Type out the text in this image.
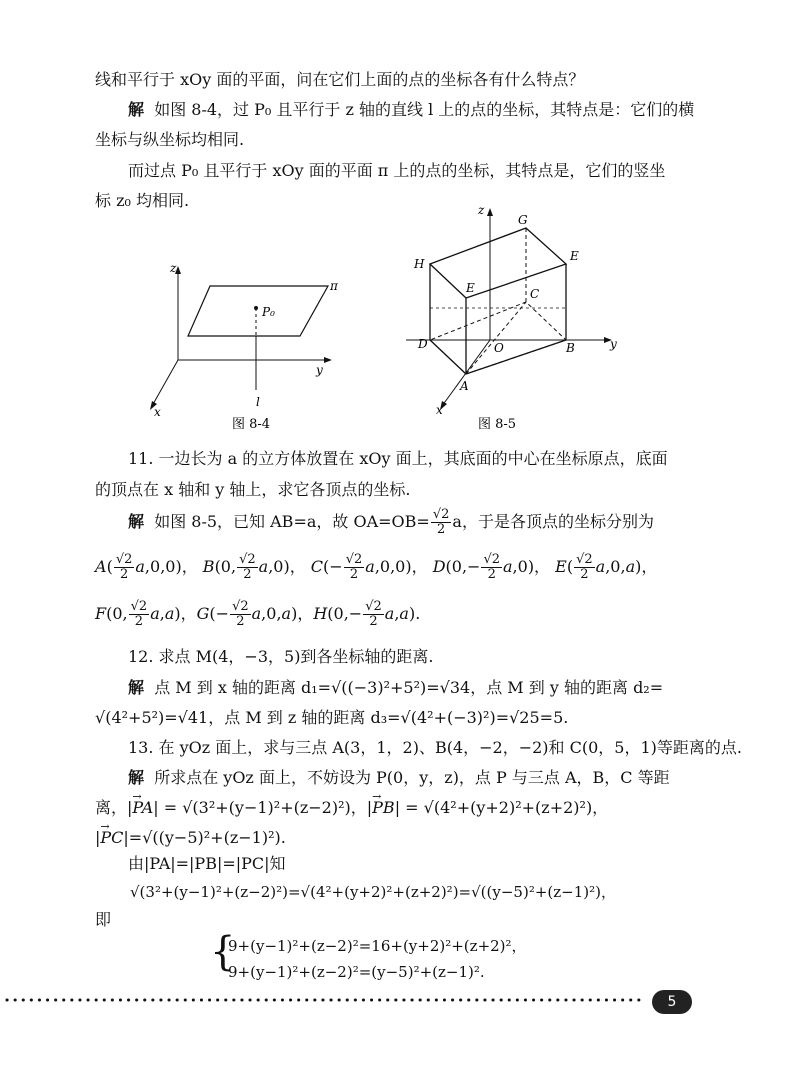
线和平行于 xOy 面的平面，问在它们上面的点的坐标各有什么特点？
解 如图 8-4，过 P₀ 且平行于 z 轴的直线 l 上的点的坐标，其特点是：它们的横
坐标与纵坐标均相同.
而过点 P₀ 且平行于 xOy 面的平面 π 上的点的坐标，其特点是，它们的竖坐
标 z₀ 均相同.
z
y
x
π
P₀
l
图 8-4
z
y
x
G
H
E
E	C
D	O	B
A
图 8-5
11. 一边长为 a 的立方体放置在 xOy 面上，其底面的中心在坐标原点，底面
的顶点在 x 轴和 y 轴上，求它各顶点的坐标.
解 如图 8-5，已知 AB=a，故 $OA=OB= \frac{√2}{2}$ a，于是各顶点的坐标分别为
$A( \frac{√2}{2} a,0,0)$， B(0, $\frac{√2}{2} a,0$)， $C(- \frac{√2}{2} a,0,0)$， $D(0,- \frac{√2}{2} a,0)$， $E( \frac{√2}{2} a,0,a)$，
F(0, $\frac{√2}{2} a,a$)，$G(- \frac{√2}{2} a,0,a)$，$H(0,- \frac{√2}{2} a,a)$.
12. 求点 M(4，−3，5)到各坐标轴的距离.
解 点 M 到 x 轴的距离 d₁=√((−3)²+5²)=√34，点 M 到 y 轴的距离 d₂=
√(4²+5²)=√41，点 M 到 z 轴的距离 d₃=√(4²+(−3)²)=√25=5.
13. 在 yOz 面上，求与三点 A(3，1，2)、B(4，−2，−2)和 C(0，5，1)等距离的点.
解 所求点在 yOz 面上，不妨设为 P(0，y，z)，点 P 与三点 A，B，C 等距
离，|→ PA| = √(3²+(y−1)²+(z−2)²)，|→ PB| = √(4²+(y+2)²+(z+2)²)，
|→ PC|=√((y−5)²+(z−1)²).
由|PA|=|PB|=|PC|知
√(3²+(y−1)²+(z−2)²)=√(4²+(y+2)²+(z+2)²)=√((y−5)²+(z−1)²)，
即
{
9+(y−1)²+(z−2)²=16+(y+2)²+(z+2)²，
9+(y−1)²+(z−2)²=(y−5)²+(z−1)².
5
